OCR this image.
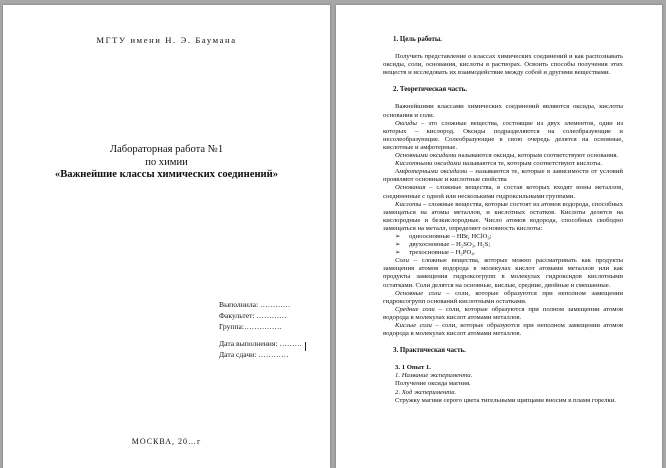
МГТУ имени Н. Э. Баумана
Лабораторная работа №1
по химии
«Важнейшие классы химических соединений»
Выполнила: …………
Факультет: …………
Группа:……………
Дата выполнения: ………
Дата сдачи: …………
МОСКВА, 20…г
1. Цель работы.

Получить представление о классах химических соединений и как распознавать оксиды, соли, основания, кислоты в растворах. Освоить способы получения этих веществ и исследовать их взаимодействие между собой и другими веществами.

2. Теоретическая часть.

Важнейшими классами химических соединений являются оксиды, кислоты основания и соли.

Оксиды – это сложные вещества, состоящие из двух элементов, один из которых – кислород. Оксиды подразделяются на солеобразующие и несолеобразующие. Солеобразующие в свою очередь делятся на основные, кислотные и амфотерные.

Основными оксидами называются оксиды, которым соответствуют основания.

Кислотными оксидами называются те, которым соответствуют кислоты.

Амфотерными оксидами – называются те, которые в зависимости от условий проявляют основные и кислотные свойства

Основания – сложные вещества, в состав которых входят ионы металлов, соединенные с одной или несколькими гидроксильными группами.

Кислоты – сложные вещества, которые состоят из атомов водорода, способных замещаться на атомы металлов, и кислотных остатков. Кислоты делятся на кислородные и безкислородные. Число атомов водорода, способных свободно замещаться на металл, определяет основность кислоты:

➢ одноосновные – HBr, HClO₃;
➢ двухосновные – H₂SO₃, H₂S;
➢ трехосновные – H₃PO₄.

Соли – сложные вещества, которые можно рассматривать как продукты замещения атомов водорода в молекулах кислот атомами металлов или как продукты замещения гидроксогрупп в молекулах гидроксидов кислотными остатками. Соли делятся на основные, кислые, средние, двойные и смешанные.

Основные соли – соли, которые образуются при неполном замещении гидроксогрупп оснований кислотными остатками.

Средние соли – соли, которые образуются при полном замещении атомов водорода в молекулах кислот атомами металлов.

Кислые соли – соли, которые образуются при неполном замещении атомов водорода в молекулах кислот атомами металлов.

3. Практическая часть.

3. 1 Опыт 1.

1. Название эксперимента.

Получение оксида магния.

2. Ход эксперимента.

Стружку магния серого цвета тигельными щипцами вносим в пламя горелки.
